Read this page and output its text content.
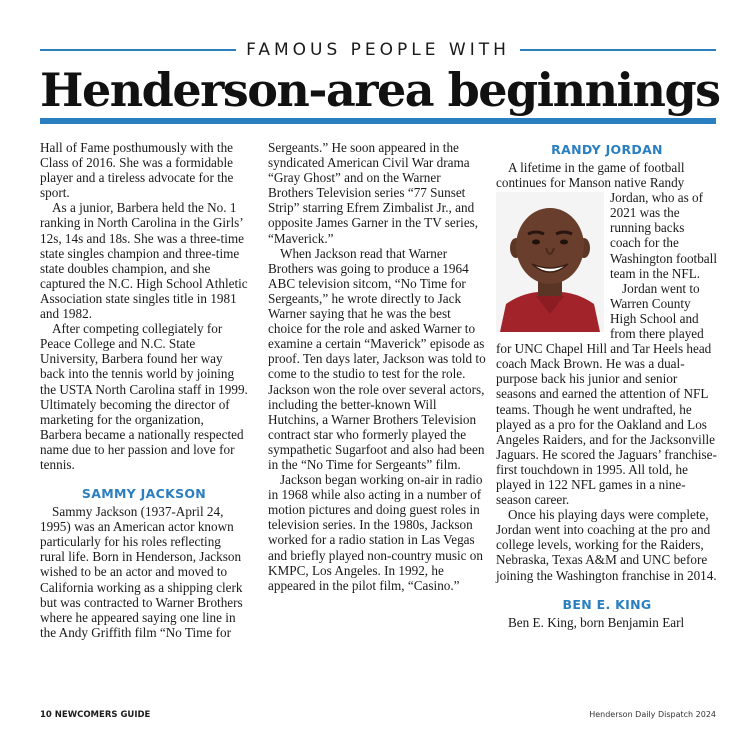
FAMOUS PEOPLE WITH
Henderson-area beginnings

Hall of Fame posthumously with the Class of 2016. She was a formidable player and a tireless advocate for the sport.

As a junior, Barbera held the No. 1 ranking in North Carolina in the Girls’ 12s, 14s and 18s. She was a three-time state singles champion and three-time state doubles champion, and she captured the N.C. High School Athletic Association state singles title in 1981 and 1982.

After competing collegiately for Peace College and N.C. State University, Barbera found her way back into the tennis world by joining the USTA North Carolina staff in 1999. Ultimately becoming the director of marketing for the organization, Barbera became a nationally respected name due to her passion and love for tennis.

SAMMY JACKSON

Sammy Jackson (1937-April 24, 1995) was an American actor known particularly for his roles reflecting rural life. Born in Henderson, Jackson wished to be an actor and moved to California working as a shipping clerk but was contracted to Warner Brothers where he appeared saying one line in the Andy Griffith film “No Time for

Sergeants.” He soon appeared in the syndicated American Civil War drama “Gray Ghost” and on the Warner Brothers Television series “77 Sunset Strip” starring Efrem Zimbalist Jr., and opposite James Garner in the TV series, “Maverick.”

When Jackson read that Warner Brothers was going to produce a 1964 ABC television sitcom, “No Time for Sergeants,” he wrote directly to Jack Warner saying that he was the best choice for the role and asked Warner to examine a certain “Maverick” episode as proof. Ten days later, Jackson was told to come to the studio to test for the role. Jackson won the role over several actors, including the better-known Will Hutchins, a Warner Brothers Television contract star who formerly played the sympathetic Sugarfoot and also had been in the “No Time for Sergeants” film.

Jackson began working on-air in radio in 1968 while also acting in a number of motion pictures and doing guest roles in television series. In the 1980s, Jackson worked for a radio station in Las Vegas and briefly played non-country music on KMPC, Los Angeles. In 1992, he appeared in the pilot film, “Casino.”

RANDY JORDAN

A lifetime in the game of football continues for Manson native Randy

Jordan, who as of 2021 was the running backs coach for the Washington football team in the NFL.

Jordan went to Warren County High School and from there played for UNC Chapel Hill and Tar Heels head coach Mack Brown. He was a dual-purpose back his junior and senior seasons and earned the attention of NFL teams. Though he went undrafted, he played as a pro for the Oakland and Los Angeles Raiders, and for the Jacksonville Jaguars. He scored the Jaguars’ franchise-first touchdown in 1995. All told, he played in 122 NFL games in a nine-season career.

Once his playing days were complete, Jordan went into coaching at the pro and college levels, working for the Raiders, Nebraska, Texas A&M and UNC before joining the Washington franchise in 2014.

BEN E. KING

Ben E. King, born Benjamin Earl

10 NEWCOMERS GUIDE	Henderson Daily Dispatch 2024
